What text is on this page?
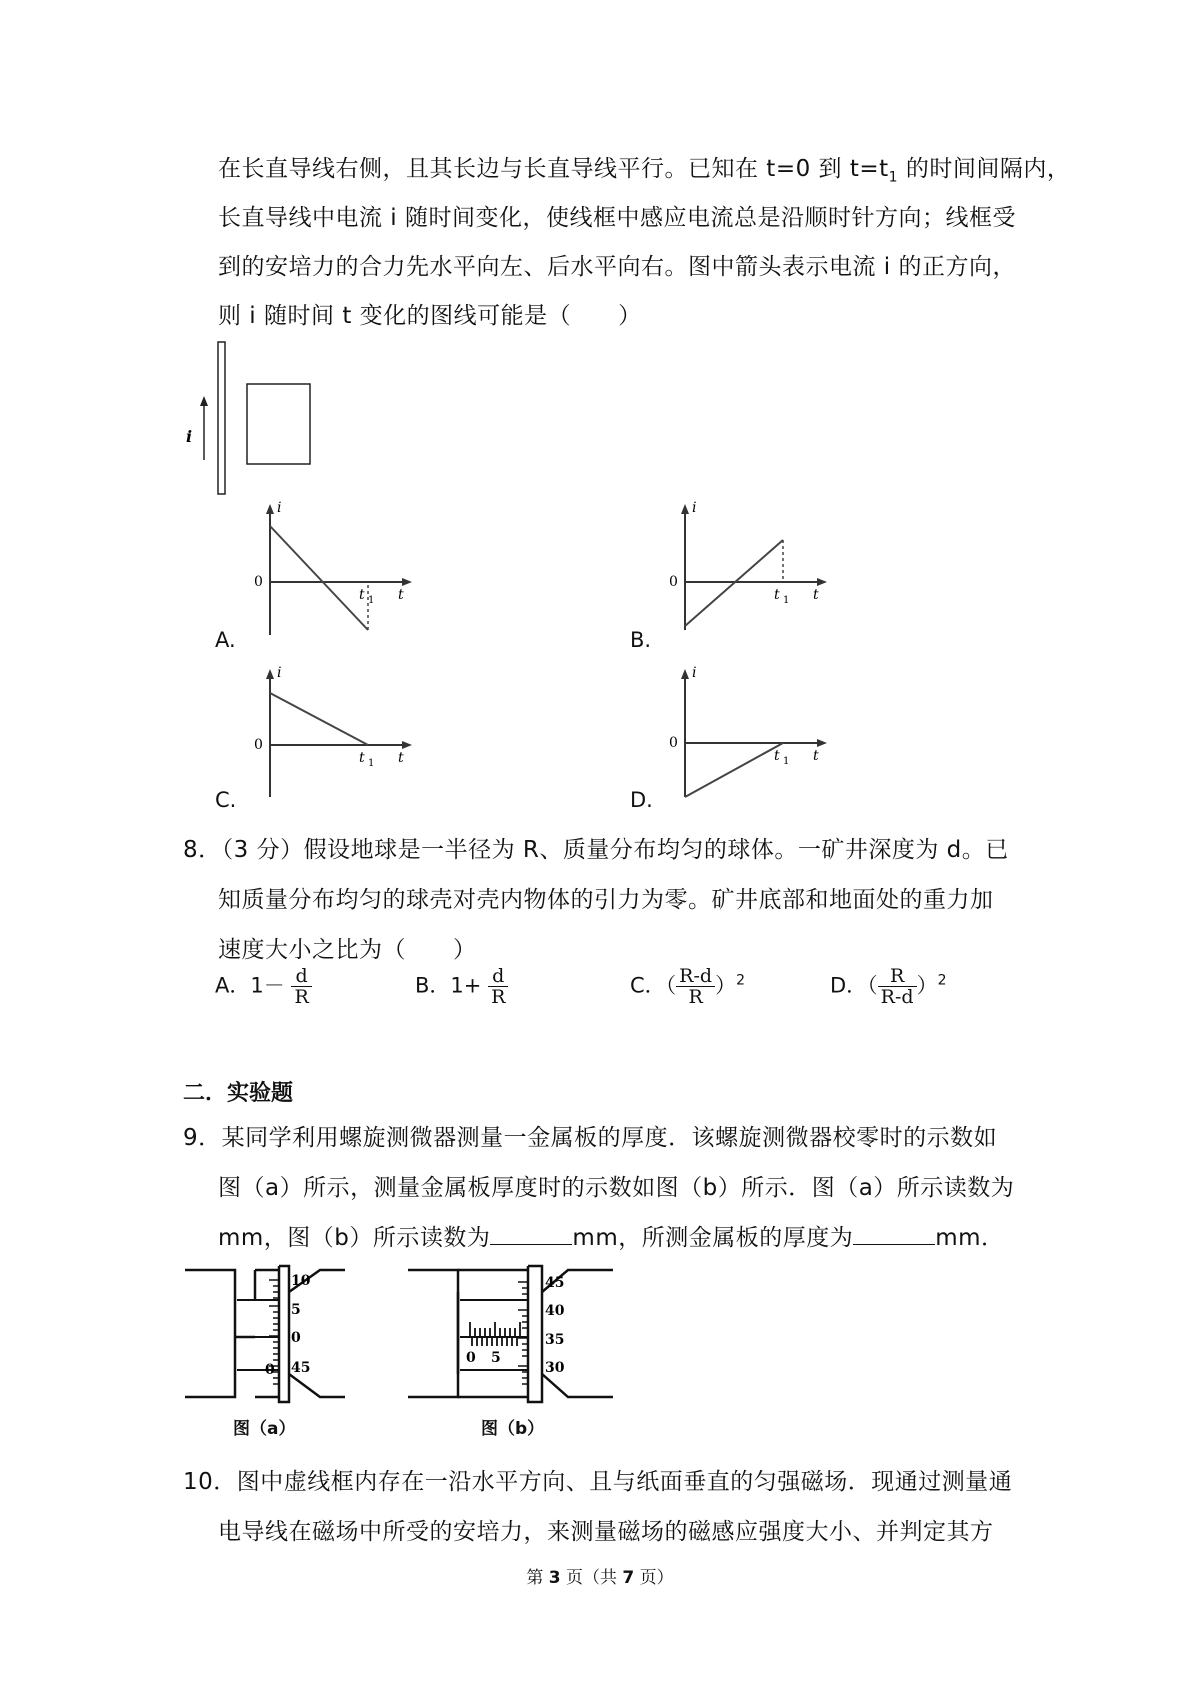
在长直导线右侧，且其长边与长直导线平行。已知在 t=0 到 $t=t_1$ 的时间间隔内，
长直导线中电流 i 随时间变化，使线框中感应电流总是沿顺时针方向；线框受
到的安培力的合力先水平向左、后水平向右。图中箭头表示电流 i 的正方向，
则 i 随时间 t 变化的图线可能是（　　）
i
i
t
0
t 1
i
t
0
t 1
i
t
0
t 1
i
t
0
t 1
A.	B.
C.	D.
8．（3 分）假设地球是一半径为 R、质量分布均匀的球体。一矿井深度为 d。已
知质量分布均匀的球壳对壳内物体的引力为零。矿井底部和地面处的重力加
速度大小之比为（　　）
A．$1- \frac{d}{R}$	B．$1+ \frac{d}{R}$	C．（ $\frac{R-d}{R} )^2$	D．（ $\frac{R}{R-d} )^2$
二．实验题
9．某同学利用螺旋测微器测量一金属板的厚度．该螺旋测微器校零时的示数如
图（a）所示，测量金属板厚度时的示数如图（b）所示．图（a）所示读数为
mm，图（b）所示读数为	mm，所测金属板的厚度为	mm．
10
5
0
45
0
图（a）
45
40
35
30
0 5
图（b）
10．图中虚线框内存在一沿水平方向、且与纸面垂直的匀强磁场．现通过测量通
电导线在磁场中所受的安培力，来测量磁场的磁感应强度大小、并判定其方
第 3 页（共 7 页）
